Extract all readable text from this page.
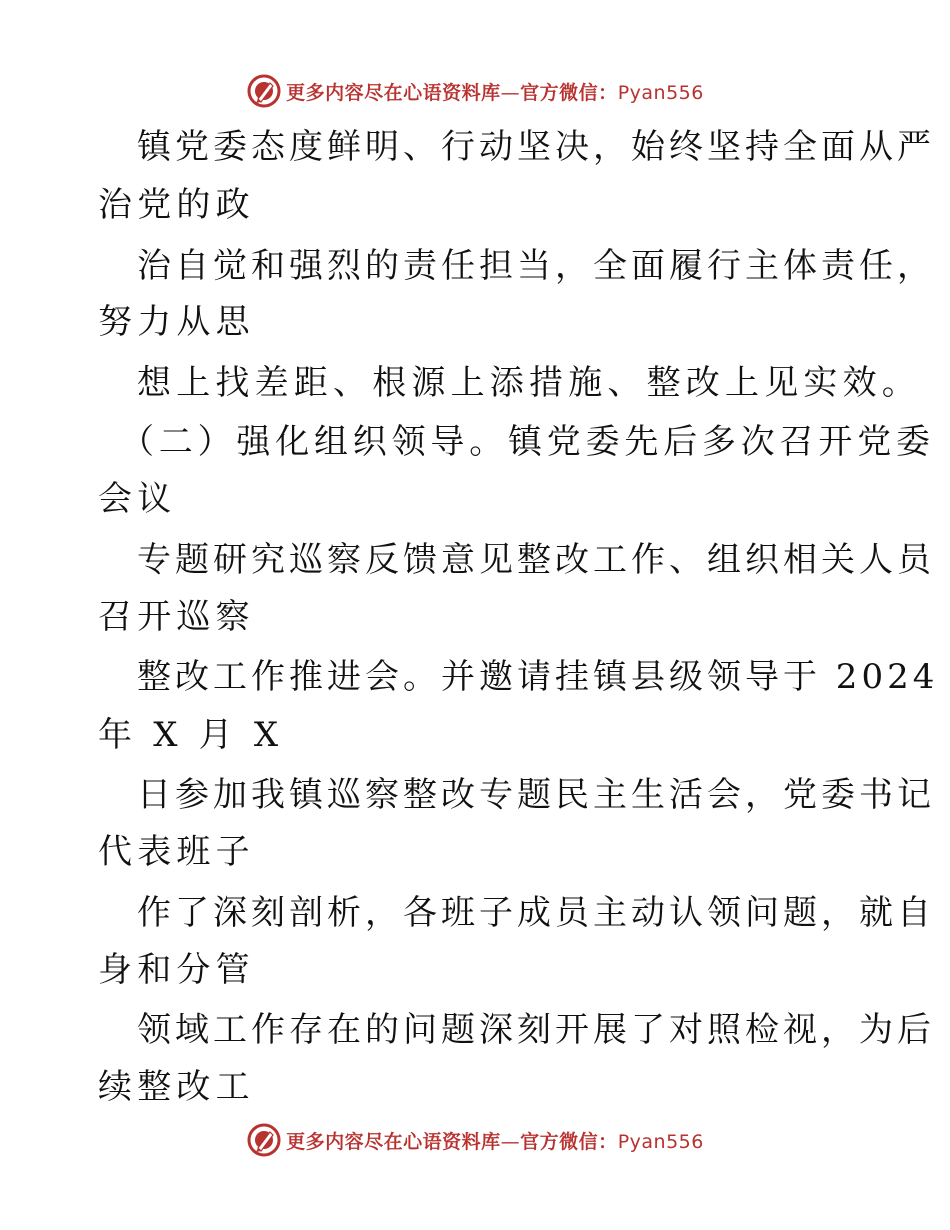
更多内容尽在心语资料库—官方微信：Pyan556
镇党委态度鲜明、行动坚决，始终坚持全面从严
治党的政
治自觉和强烈的责任担当，全面履行主体责任，
努力从思
想上找差距、根源上添措施、整改上见实效。
（二）强化组织领导。镇党委先后多次召开党委
会议
专题研究巡察反馈意见整改工作、组织相关人员
召开巡察
整改工作推进会。并邀请挂镇县级领导于 2024
年 X 月 X
日参加我镇巡察整改专题民主生活会，党委书记
代表班子
作了深刻剖析，各班子成员主动认领问题，就自
身和分管
领域工作存在的问题深刻开展了对照检视，为后
续整改工
更多内容尽在心语资料库—官方微信：Pyan556
